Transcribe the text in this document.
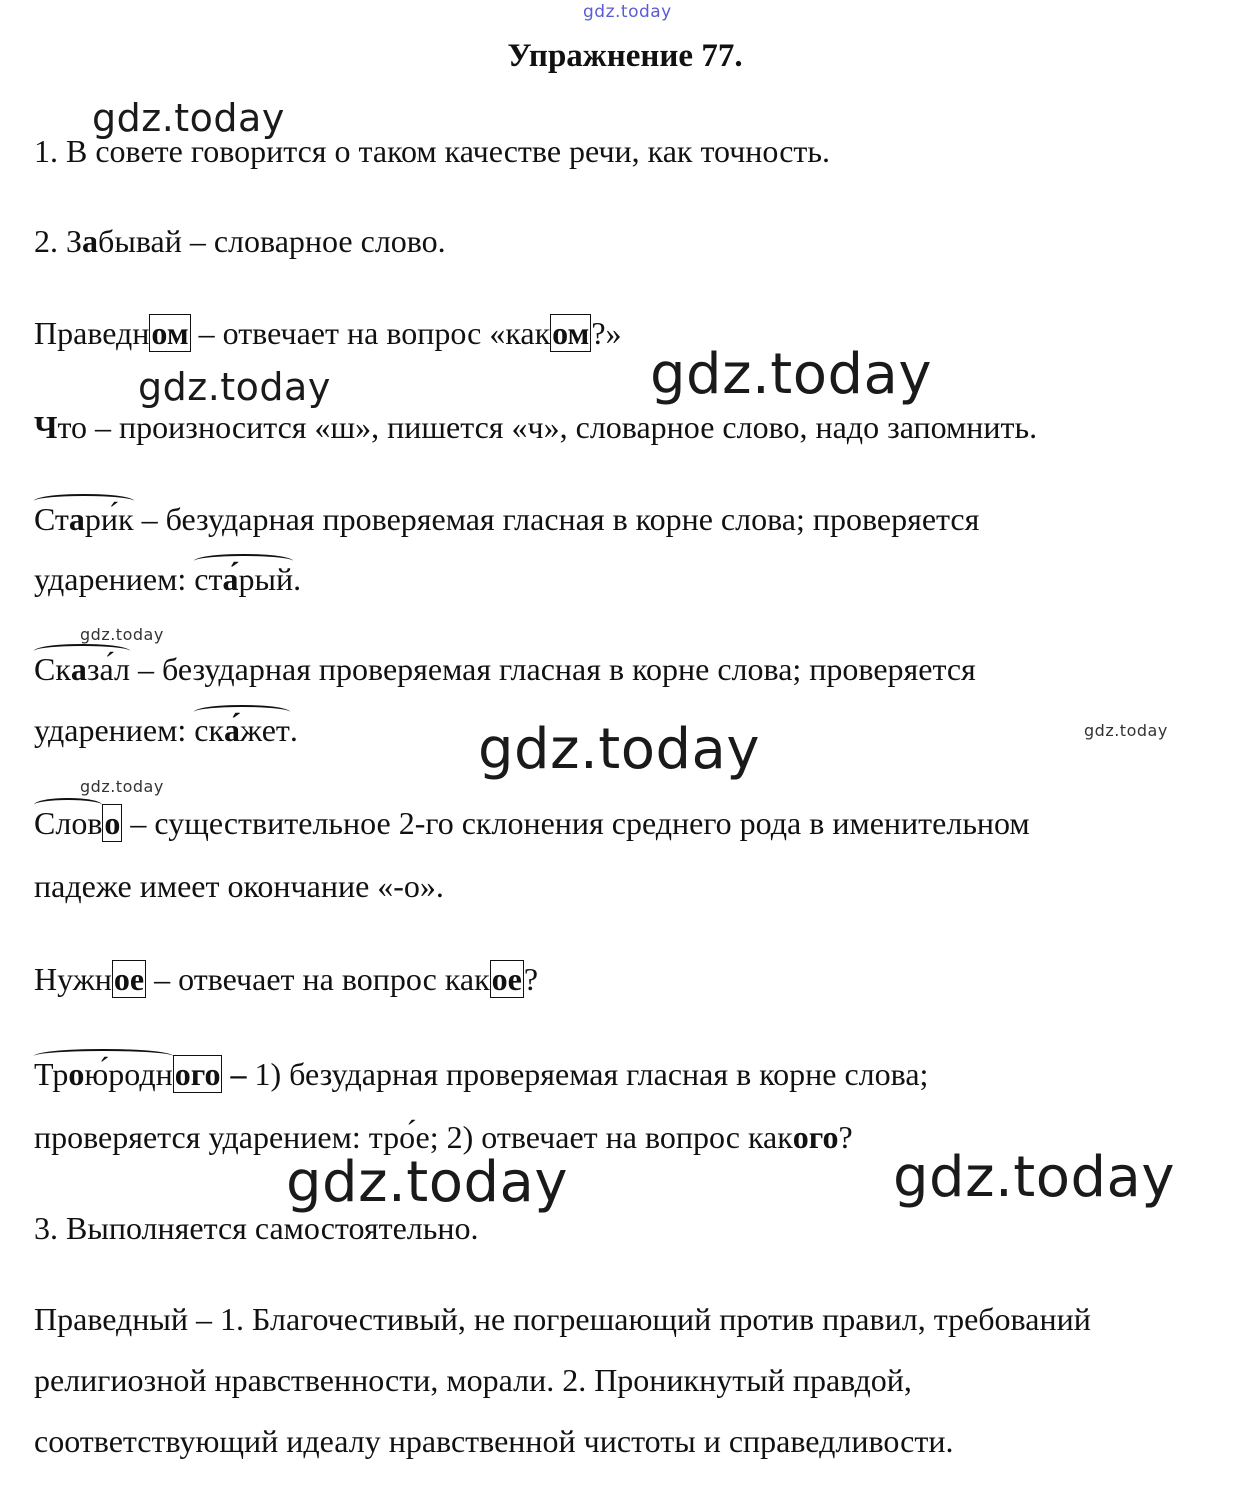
gdz.today
Упражнение 77.
gdz.today
1. В совете говорится о таком качестве речи, как точность.
2. Забывай – словарное слово.
Праведном – отвечает на вопрос «каком?»
gdz.today	gdz.today
Что – произносится «ш», пишется «ч», словарное слово, надо запомнить.
Стари́к – безударная проверяемая гласная в корне слова; проверяется
ударением: ста́рый.
gdz.today
Сказа́л – безударная проверяемая гласная в корне слова; проверяется
ударением: ска́жет.	gdz.today
gdz.today
gdz.today
Слово – существительное 2-го склонения среднего рода в именительном
падеже имеет окончание «-о».
Нужное – отвечает на вопрос какое?
Трою́родного – 1) безударная проверяемая гласная в корне слова;
проверяется ударением: тро́е; 2) отвечает на вопрос какого?
gdz.today	gdz.today
3. Выполняется самостоятельно.
Праведный – 1. Благочестивый, не погрешающий против правил, требований
религиозной нравственности, морали. 2. Проникнутый правдой,
соответствующий идеалу нравственной чистоты и справедливости.
